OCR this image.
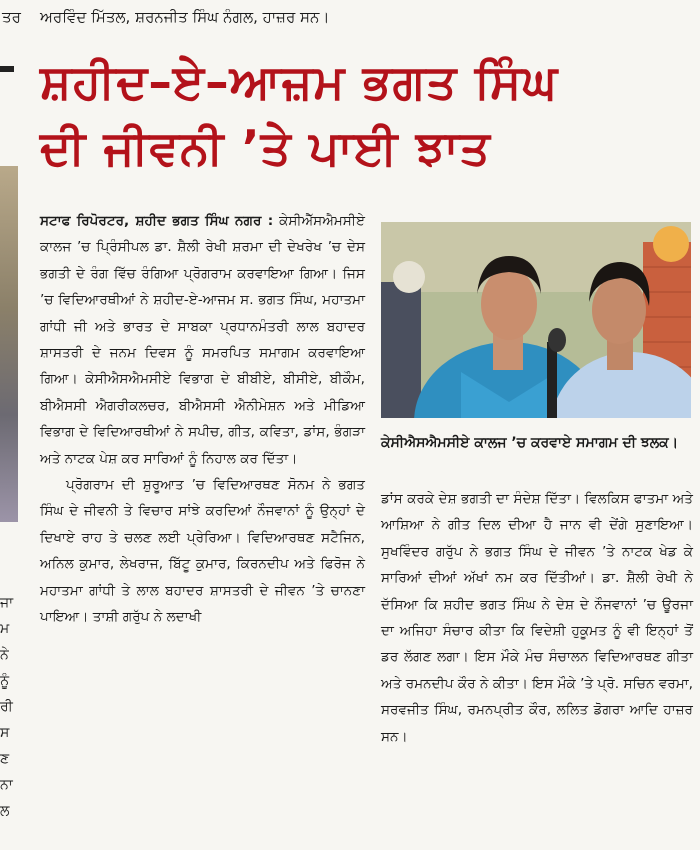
ਤਰ ਅਰਵਿੰਦ ਮਿੱਤਲ, ਸ਼ਰਨਜੀਤ ਸਿੰਘ ਨੰਗਲ, ਹਾਜ਼ਰ ਸਨ।
ਸ਼ਹੀਦ–ਏ–ਆਜ਼ਮ ਭਗਤ ਸਿੰਘ
ਦੀ ਜੀਵਨੀ ’ਤੇ ਪਾਈ ਝਾਤ
ਜਾ
ਮ
ਨੇ
ਨੂੰ
ਰੀ
ਸ
ਣ
ਨਾ
ਲ

ਸਟਾਫ ਰਿਪੋਰਟਰ, ਸ਼ਹੀਦ ਭਗਤ ਸਿੰਘ ਨਗਰ : ਕੇਸੀਐੱਸਐਮਸੀਏ ਕਾਲਜ ’ਚ ਪ੍ਰਿੰਸੀਪਲ ਡਾ. ਸ਼ੈਲੀ ਰੇਖੀ ਸ਼ਰਮਾ ਦੀ ਦੇਖਰੇਖ ’ਚ ਦੇਸ ਭਗਤੀ ਦੇ ਰੰਗ ਵਿੱਚ ਰੰਗਿਆ ਪ੍ਰੋਗਰਾਮ ਕਰਵਾਇਆ ਗਿਆ। ਜਿਸ ’ਚ ਵਿਦਿਆਰਥੀਆਂ ਨੇ ਸ਼ਹੀਦ-ਏ-ਆਜਮ ਸ. ਭਗਤ ਸਿੰਘ, ਮਹਾਤਮਾ ਗਾਂਧੀ ਜੀ ਅਤੇ ਭਾਰਤ ਦੇ ਸਾਬਕਾ ਪ੍ਰਧਾਨਮੰਤਰੀ ਲਾਲ ਬਹਾਦਰ ਸ਼ਾਸਤਰੀ ਦੇ ਜਨਮ ਦਿਵਸ ਨੂੰ ਸਮਰਪਿਤ ਸਮਾਗਮ ਕਰਵਾਇਆ ਗਿਆ। ਕੇਸੀਐਸਐਮਸੀਏ ਵਿਭਾਗ ਦੇ ਬੀਬੀਏ, ਬੀਸੀਏ, ਬੀਕੌਮ, ਬੀਐਸਸੀ ਐਗਰੀਕਲਚਰ, ਬੀਐਸਸੀ ਐਨੀਮੇਸ਼ਨ ਅਤੇ ਮੀਡਿਆ ਵਿਭਾਗ ਦੇ ਵਿਦਿਆਰਥੀਆਂ ਨੇ ਸਪੀਚ, ਗੀਤ, ਕਵਿਤਾ, ਡਾਂਸ, ਭੰਗੜਾ ਅਤੇ ਨਾਟਕ ਪੇਸ਼ ਕਰ ਸਾਰਿਆਂ ਨੂੰ ਨਿਹਾਲ ਕਰ ਦਿੱਤਾ।

ਪ੍ਰੋਗਰਾਮ ਦੀ ਸ਼ੁਰੂਆਤ ’ਚ ਵਿਦਿਆਰਥਣ ਸੋਨਮ ਨੇ ਭਗਤ ਸਿੰਘ ਦੇ ਜੀਵਨੀ ਤੇ ਵਿਚਾਰ ਸਾਂਝੇ ਕਰਦਿਆਂ ਨੌਜਵਾਨਾਂ ਨੂੰ ਉਨ੍ਹਾਂ ਦੇ ਦਿਖਾਏ ਰਾਹ ਤੇ ਚਲਣ ਲਈ ਪ੍ਰੇਰਿਆ। ਵਿਦਿਆਰਥਣ ਸਟੈਜਿਨ, ਅਨਿਲ ਕੁਮਾਰ, ਲੇਖਰਾਜ, ਬਿੱਟੂ ਕੁਮਾਰ, ਕਿਰਨਦੀਪ ਅਤੇ ਫਿਰੋਜ ਨੇ ਮਹਾਤਮਾ ਗਾਂਧੀ ਤੇ ਲਾਲ ਬਹਾਦਰ ਸ਼ਾਸਤਰੀ ਦੇ ਜੀਵਨ ’ਤੇ ਚਾਨਣਾ ਪਾਇਆ। ਤਾਸ਼ੀ ਗਰੁੱਪ ਨੇ ਲਦਾਖੀ

ਕੇਸੀਐਸਐਮਸੀਏ ਕਾਲਜ ’ਚ ਕਰਵਾਏ ਸਮਾਗਮ ਦੀ ਝਲਕ।

ਡਾਂਸ ਕਰਕੇ ਦੇਸ਼ ਭਗਤੀ ਦਾ ਸੰਦੇਸ਼ ਦਿੱਤਾ। ਵਿਲਕਿਸ ਫਾਤਮਾ ਅਤੇ ਆਸ਼ਿਆ ਨੇ ਗੀਤ ਦਿਲ ਦੀਆ ਹੈ ਜਾਨ ਵੀ ਦੇਂਗੇ ਸੁਣਾਇਆ। ਸੁਖਵਿੰਦਰ ਗਰੁੱਪ ਨੇ ਭਗਤ ਸਿੰਘ ਦੇ ਜੀਵਨ ’ਤੇ ਨਾਟਕ ਖੇਡ ਕੇ ਸਾਰਿਆਂ ਦੀਆਂ ਅੱਖਾਂ ਨਮ ਕਰ ਦਿੱਤੀਆਂ। ਡਾ. ਸ਼ੈਲੀ ਰੇਖੀ ਨੇ ਦੱਸਿਆ ਕਿ ਸ਼ਹੀਦ ਭਗਤ ਸਿੰਘ ਨੇ ਦੇਸ਼ ਦੇ ਨੌਜਵਾਨਾਂ ’ਚ ਊਰਜਾ ਦਾ ਅਜਿਹਾ ਸੰਚਾਰ ਕੀਤਾ ਕਿ ਵਿਦੇਸ਼ੀ ਹੁਕੂਮਤ ਨੂੰ ਵੀ ਇਨ੍ਹਾਂ ਤੋਂ ਡਰ ਲੱਗਣ ਲਗਾ। ਇਸ ਮੌਕੇ ਮੰਚ ਸੰਚਾਲਨ ਵਿਦਿਆਰਥਣ ਗੀਤਾ ਅਤੇ ਰਮਨਦੀਪ ਕੌਰ ਨੇ ਕੀਤਾ। ਇਸ ਮੌਕੇ ’ਤੇ ਪ੍ਰੋ. ਸਚਿਨ ਵਰਮਾ, ਸਰਵਜੀਤ ਸਿੰਘ, ਰਮਨਪ੍ਰੀਤ ਕੌਰ, ਲਲਿਤ ਡੋਗਰਾ ਆਦਿ ਹਾਜ਼ਰ ਸਨ।
